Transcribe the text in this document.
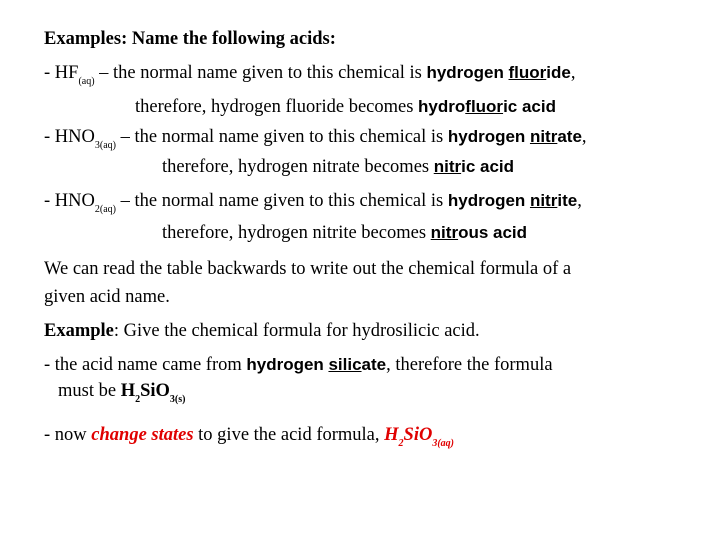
Examples: Name the following acids:
- $HF_{(aq)}$ – the normal name given to this chemical is hydrogen fluoride,
therefore, hydrogen fluoride becomes hydrofluoric acid
- $HNO_{3(aq)}$ – the normal name given to this chemical is hydrogen nitrate,
therefore, hydrogen nitrate becomes nitric acid
- $HNO_{2(aq)}$ – the normal name given to this chemical is hydrogen nitrite,
therefore, hydrogen nitrite becomes nitrous acid
We can read the table backwards to write out the chemical formula of a
given acid name.
Example: Give the chemical formula for hydrosilicic acid.
- the acid name came from hydrogen silicate, therefore the formula
must be $H_2SiO_{3(s)}$
- now change states to give the acid formula, $H_2SiO_{3(aq)}$
